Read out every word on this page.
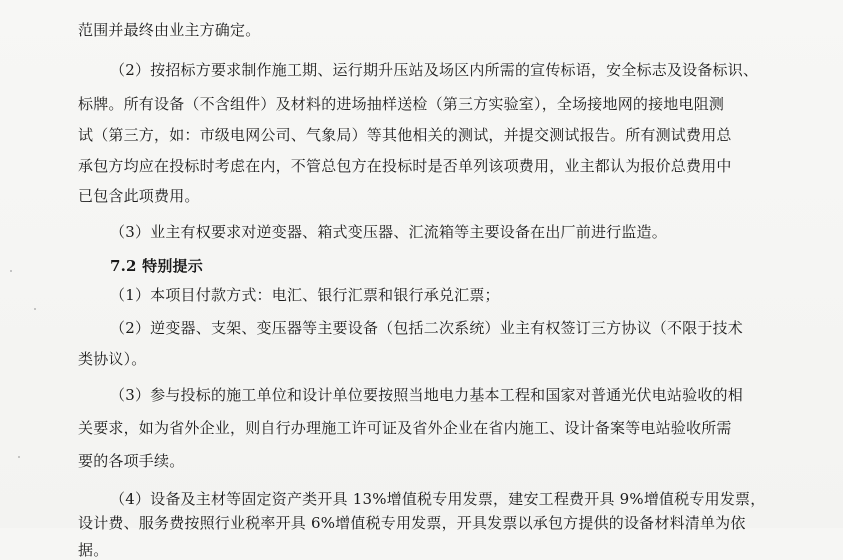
范围并最终由业主方确定。
（2）按招标方要求制作施工期、运行期升压站及场区内所需的宣传标语，安全标志及设备标识、
标牌。所有设备（不含组件）及材料的进场抽样送检（第三方实验室），全场接地网的接地电阻测
试（第三方，如：市级电网公司、气象局）等其他相关的测试，并提交测试报告。所有测试费用总
承包方均应在投标时考虑在内，不管总包方在投标时是否单列该项费用，业主都认为报价总费用中
已包含此项费用。
（3）业主有权要求对逆变器、箱式变压器、汇流箱等主要设备在出厂前进行监造。
7.2 特别提示
（1）本项目付款方式：电汇、银行汇票和银行承兑汇票；
（2）逆变器、支架、变压器等主要设备（包括二次系统）业主有权签订三方协议（不限于技术
类协议）。
（3）参与投标的施工单位和设计单位要按照当地电力基本工程和国家对普通光伏电站验收的相
关要求，如为省外企业，则自行办理施工许可证及省外企业在省内施工、设计备案等电站验收所需
要的各项手续。
（4）设备及主材等固定资产类开具 13%增值税专用发票，建安工程费开具 9%增值税专用发票，
设计费、服务费按照行业税率开具 6%增值税专用发票，开具发票以承包方提供的设备材料清单为依
据。
